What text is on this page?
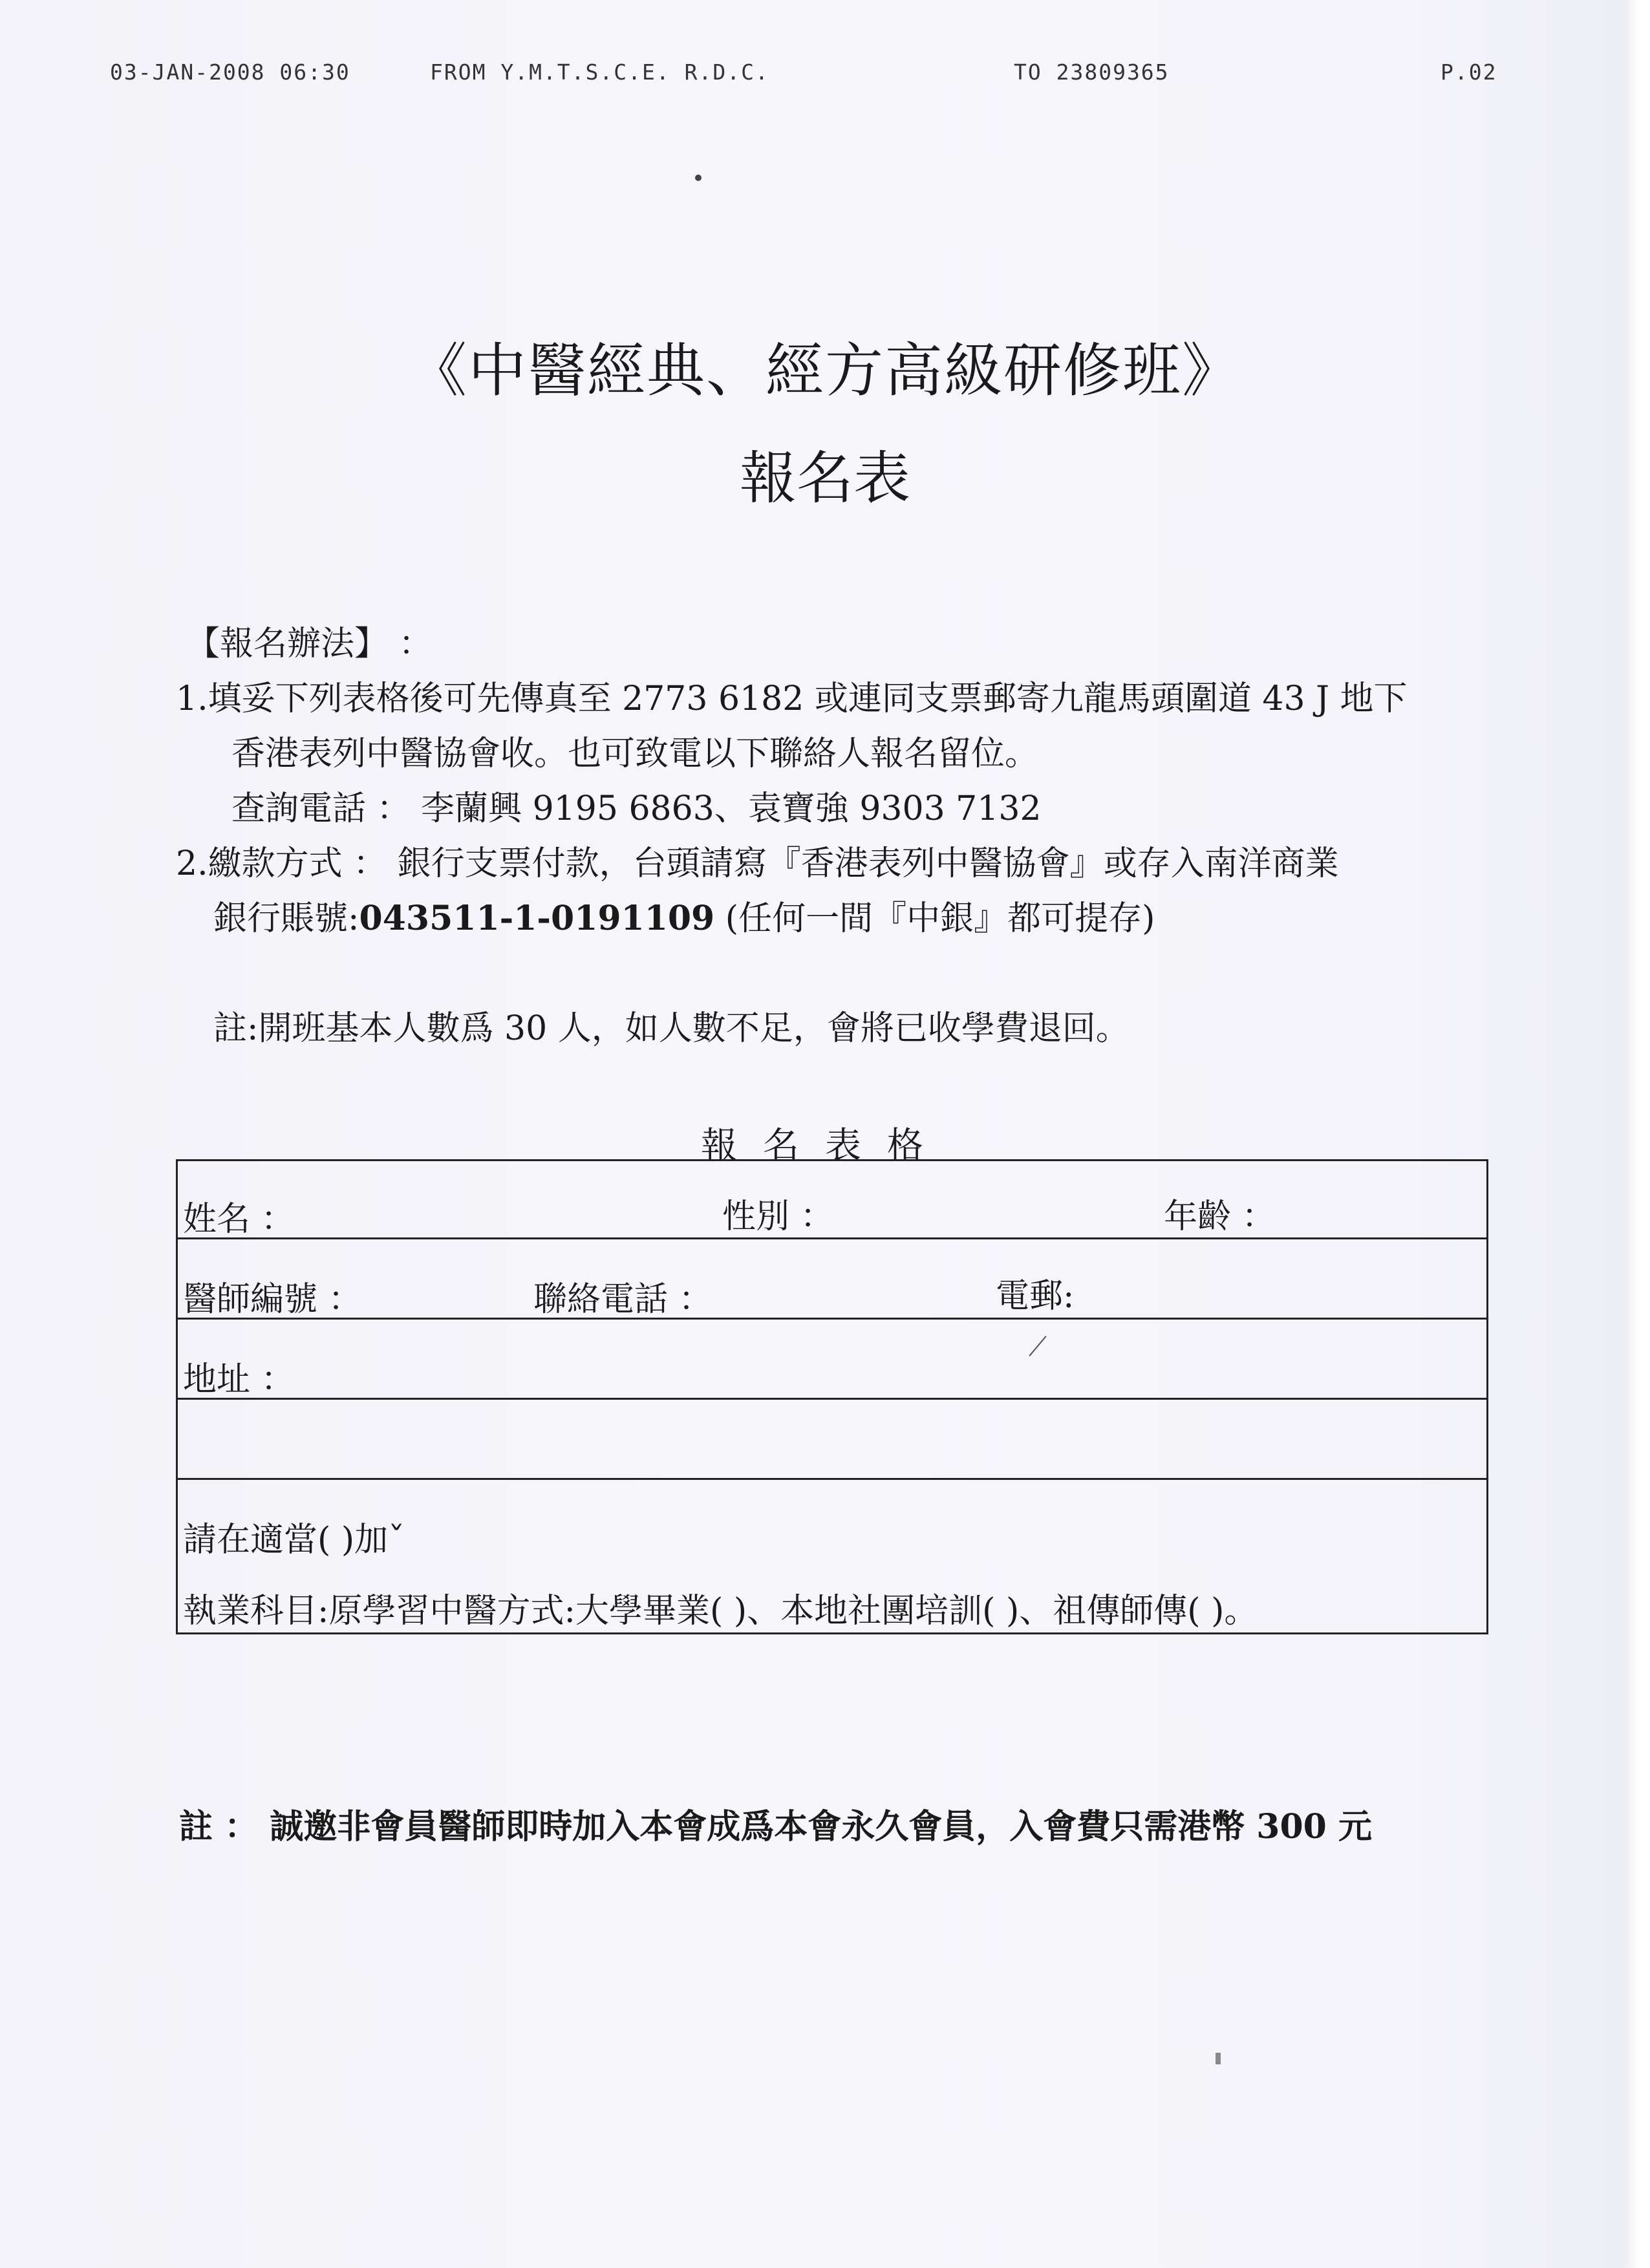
03-JAN-2008 06:30	FROM Y.M.T.S.C.E. R.D.C.	TO 23809365	P.02
《中醫經典、經方高級研修班》
報名表
【報名辦法】 ：
1.填妥下列表格後可先傳真至 2773 6182 或連同支票郵寄九龍馬頭圍道 43 J 地下
香港表列中醫協會收。也可致電以下聯絡人報名留位。
查詢電話 ： 李蘭興 9195 6863、袁寶強 9303 7132
2.繳款方式 ： 銀行支票付款，台頭請寫『香港表列中醫協會』或存入南洋商業
銀行賬號:043511-1-0191109 (任何一間『中銀』都可提存)
註:開班基本人數爲 30 人，如人數不足，會將已收學費退回。
報名表格
姓名 ：	性別 ：	年齡 ：
醫師編號 ：	聯絡電話 ：	電郵:
地址 ：
請在適當( )加ˇ
執業科目:原學習中醫方式:大學畢業( )、本地社團培訓( )、祖傳師傳( )。
註 ： 誠邀非會員醫師即時加入本會成爲本會永久會員，入會費只需港幣 300 元
